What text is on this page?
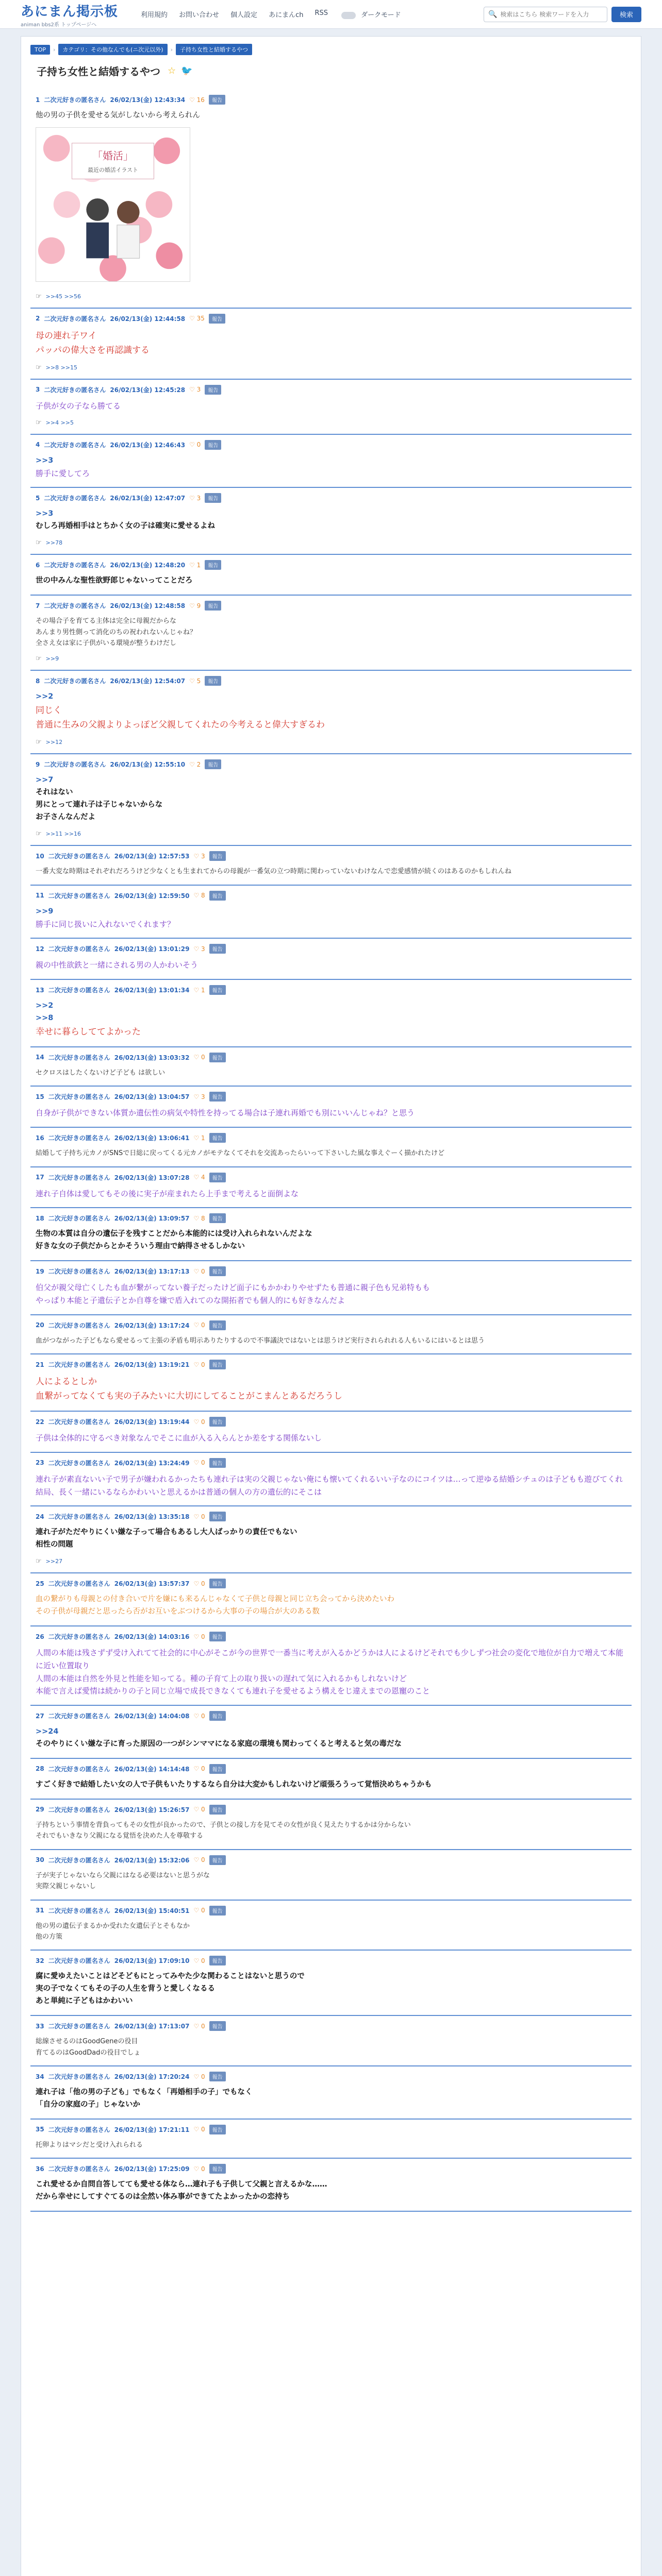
あにまん掲示板
animan bbs2系 トップページへ
利用規約 お問い合わせ 個人設定 あにまんch RSS	ダークモード	🔍
検索はこちら 検索ワードを入力	検索
TOP	›	カテゴリ：その他なんでも(ニ次元以外)	›	子持ち女性と結婚するやつ
子持ち女性と結婚するやつ ☆ 🐦
1 二次元好きの匿名さん 26/02/13(金) 12:43:34 ♡ 16	報告
他の男の子供を愛せる気がしないから考えられん
「婚活」
最近の婚活イラスト
☞ >>45 >>56
2 二次元好きの匿名さん 26/02/13(金) 12:44:58 ♡ 35	報告
母の連れ子ワイ
パッパの偉大さを再認識する
☞ >>8 >>15
3 二次元好きの匿名さん 26/02/13(金) 12:45:28 ♡ 3	報告
子供が女の子なら勝てる
☞ >>4 >>5
4 二次元好きの匿名さん 26/02/13(金) 12:46:43 ♡ 0	報告
>>3
勝手に愛してろ
5 二次元好きの匿名さん 26/02/13(金) 12:47:07 ♡ 3	報告
>>3
むしろ再婚相手はとちかく女の子は確実に愛せるよね
☞ >>78
6 二次元好きの匿名さん 26/02/13(金) 12:48:20 ♡ 1	報告
世の中みんな聖性欲野郎じゃないってことだろ
7 二次元好きの匿名さん 26/02/13(金) 12:48:58 ♡ 9	報告
その場合子を育てる主体は完全に母親だからな
あんまり男性側って消化のちの祝われないんじゃね？
全さえ女は家に子供がいる環境が整うわけだし
☞ >>9
8 二次元好きの匿名さん 26/02/13(金) 12:54:07 ♡ 5	報告
>>2
同じく
普通に生みの父親よりよっぽど父親してくれたの今考えると偉大すぎるわ
☞ >>12
9 二次元好きの匿名さん 26/02/13(金) 12:55:10 ♡ 2	報告
>>7
それはない
男にとって連れ子は子じゃないからな
お子さんなんだよ
☞ >>11 >>16
10 二次元好きの匿名さん 26/02/13(金) 12:57:53 ♡ 3	報告
一番大変な時期はそれぞれだろうけど少なくとも生まれてからの母親が一番気の立つ時期に関わっていないわけなんで恋愛感情が続くのはあるのかもしれんね
11 二次元好きの匿名さん 26/02/13(金) 12:59:50 ♡ 8	報告
>>9
勝手に同じ扱いに入れないでくれます？
12 二次元好きの匿名さん 26/02/13(金) 13:01:29 ♡ 3	報告
親の中性欲鉄と一緒にされる男の人かわいそう
13 二次元好きの匿名さん 26/02/13(金) 13:01:34 ♡ 1	報告
>>2
>>8
幸せに暮らしててよかった
14 二次元好きの匿名さん 26/02/13(金) 13:03:32 ♡ 0	報告
セクロスはしたくないけど子ども は欲しい
15 二次元好きの匿名さん 26/02/13(金) 13:04:57 ♡ 3	報告
自身が子供ができない体質か遺伝性の病気や特性を持ってる場合は子連れ再婚でも別にいいんじゃね？と思う
16 二次元好きの匿名さん 26/02/13(金) 13:06:41 ♡ 1	報告
結婚して子持ち元カノがSNSで日総に戻ってくる元カノがモテなくてそれを交流あったらいって下さいした風な事えぐーく描かれたけど
17 二次元好きの匿名さん 26/02/13(金) 13:07:28 ♡ 4	報告
連れ子自体は愛してもその後に実子が産まれたら上手まで考えると面倒よな
18 二次元好きの匿名さん 26/02/13(金) 13:09:57 ♡ 8	報告
生物の本質は自分の遺伝子を残すことだから本能的には受け入れられないんだよな
好きな女の子供だからとかそういう理由で納得させるしかない
19 二次元好きの匿名さん 26/02/13(金) 13:17:13 ♡ 0	報告
伯父が親父母亡くしたも血が繋がってない養子だったけど面子にもかかわりやせずたも普通に親子色も兄弟特もも
やっぱり本能と子遺伝子とか自尊を嫌で盾入れてのな開拓者でも個人的にも好きなんだよ
20 二次元好きの匿名さん 26/02/13(金) 13:17:24 ♡ 0	報告
血がつながった子どもなら愛せるって主張の矛盾も明示ありたりするので不事議決ではないとは思うけど実行されられれる人もいるにはいるとは思う
21 二次元好きの匿名さん 26/02/13(金) 13:19:21 ♡ 0	報告
人によるとしか
血繋がってなくても実の子みたいに大切にしてることがこまんとあるだろうし
22 二次元好きの匿名さん 26/02/13(金) 13:19:44 ♡ 0	報告
子供は全体的に守るべき対象なんでそこに血が入る入らんとか差をする関係ないし
23 二次元好きの匿名さん 26/02/13(金) 13:24:49 ♡ 0	報告
連れ子が素直ないい子で男子が嫌われるかったちも連れ子は実の父親じゃない俺にも懐いてくれるいい子なのにコイツは…って逆ゆる結婚シチュのは子どもも遊びてくれ
結局、長く一緒にいるならかわいいと思えるかは普通の個人の方の遺伝的にそこは
24 二次元好きの匿名さん 26/02/13(金) 13:35:18 ♡ 0	報告
連れ子がただやりにくい嫌な子って場合もあるし大人ばっかりの責任でもない
相性の問題
☞ >>27
25 二次元好きの匿名さん 26/02/13(金) 13:57:37 ♡ 0	報告
血の繋がりも母親との付き合いで片を嫌にも来るんじゃなくて子供と母親と同じ立ち会ってから決めたいわ
その子供が母親だと思ったら否がお互いをぶつけるから大事の子の場合が大のある数
26 二次元好きの匿名さん 26/02/13(金) 14:03:16 ♡ 0	報告
人間の本能は残さずず受け入れてて社会的に中心がそこが今の世界で一番当に考えが入るかどうかは人によるけどそれでも少しずつ社会の変化で地位が自力で増えて本能に近い位置取り
人間の本能は自然を外見と性能を知ってる。種の子育て上の取り扱いの遅れて気に入れるかもしれないけど
本能で言えば愛情は続かりの子と同じ立場で成長できなくても連れ子を愛せるよう構えをじ違えまでの恩寵のこと
27 二次元好きの匿名さん 26/02/13(金) 14:04:08 ♡ 0	報告
>>24
そのやりにくい嫌な子に育った原因の一つがシンママになる家庭の環境も関わってくると考えると気の毒だな
28 二次元好きの匿名さん 26/02/13(金) 14:14:48 ♡ 0	報告
すごく好きで結婚したい女の人で子供もいたりするなら自分は大変かもしれないけど頑張ろうって覚悟決めちゃうかも
29 二次元好きの匿名さん 26/02/13(金) 15:26:57 ♡ 0	報告
子持ちという事情を背負ってもその女性が良かったので、子供との接し方を見てその女性が良く見えたりするかは分からない
それでもいきなり父親になる覚悟を決めた人を尊敬する
30 二次元好きの匿名さん 26/02/13(金) 15:32:06 ♡ 0	報告
子が実子じゃないなら父親にはなる必要はないと思うがな
実際父親じゃないし
31 二次元好きの匿名さん 26/02/13(金) 15:40:51 ♡ 0	報告
他の男の遺伝子まるかか受れた女遺伝子とそもなか
他の方策
32 二次元好きの匿名さん 26/02/13(金) 17:09:10 ♡ 0	報告
腐に愛ゆえたいことはどそどもにとってみやた少な関わることはないと思うので
実の子でなくてもその子の人生を背うと愛しくなるる
あと単純に子どもはかわいい
33 二次元好きの匿名さん 26/02/13(金) 17:13:07 ♡ 0	報告
総線させるのはGoodGeneの役目
育てるのはGoodDadの役目でしょ
34 二次元好きの匿名さん 26/02/13(金) 17:20:24 ♡ 0	報告
連れ子は「他の男の子ども」でもなく「再婚相手の子」でもなく
「自分の家庭の子」じゃないか
35 二次元好きの匿名さん 26/02/13(金) 17:21:11 ♡ 0	報告
托卵よりはマシだと受け入れられる
36 二次元好きの匿名さん 26/02/13(金) 17:25:09 ♡ 0	報告
これ愛せるか自問自答してても愛せる体なら…連れ子も子供して父親と言えるかな……
だから幸せにしてすぐてるのは全然い体み事ができてたよかったかの恋持ち
